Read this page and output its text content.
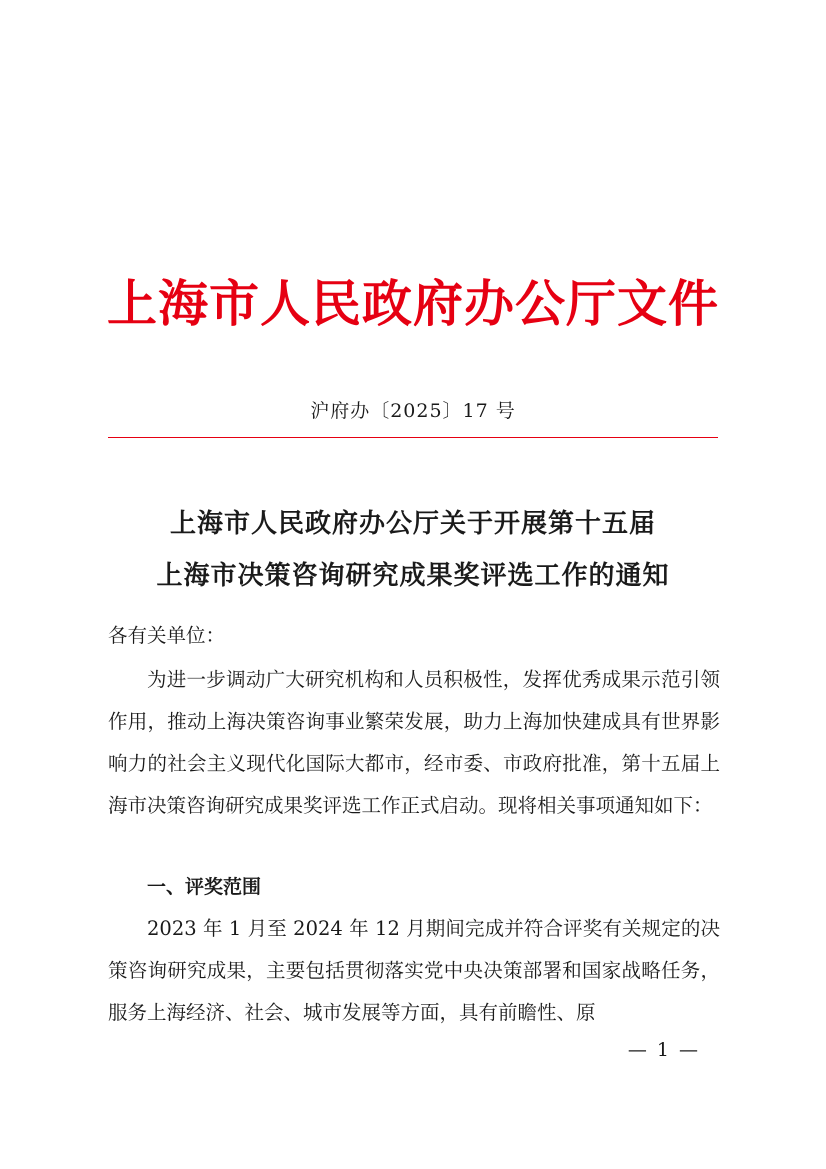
上海市人民政府办公厅文件
沪府办〔2025〕17 号
上海市人民政府办公厅关于开展第十五届
上海市决策咨询研究成果奖评选工作的通知
各有关单位：
为进一步调动广大研究机构和人员积极性，发挥优秀成果示范引领作用，推动上海决策咨询事业繁荣发展，助力上海加快建成具有世界影响力的社会主义现代化国际大都市，经市委、市政府批准，第十五届上海市决策咨询研究成果奖评选工作正式启动。现将相关事项通知如下：
一、评奖范围
2023 年 1 月至 2024 年 12 月期间完成并符合评奖有关规定的决策咨询研究成果，主要包括贯彻落实党中央决策部署和国家战略任务，服务上海经济、社会、城市发展等方面，具有前瞻性、原
— 1 —
